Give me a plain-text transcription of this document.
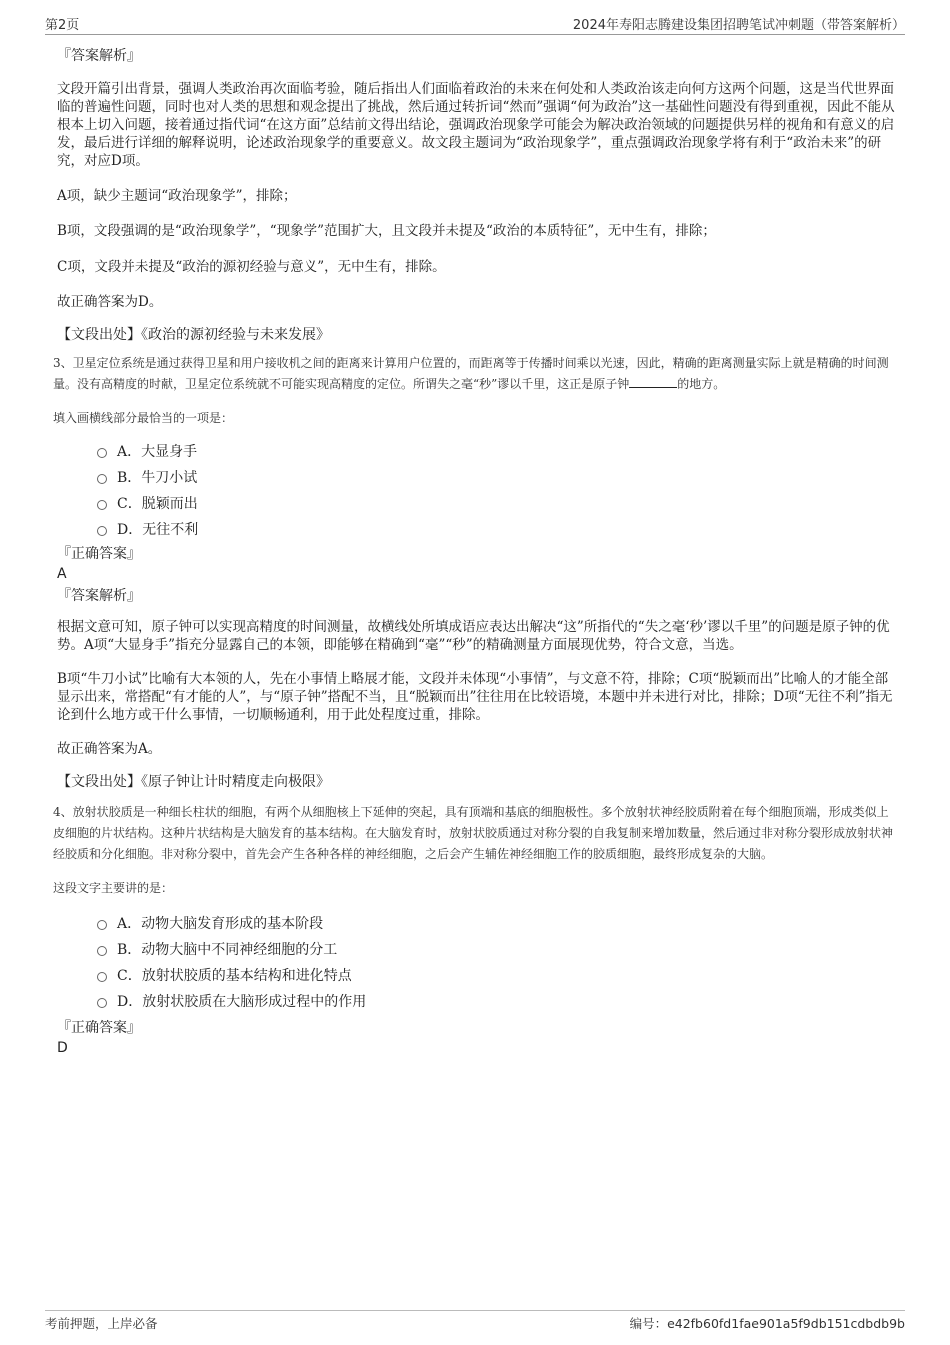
第2页	2024年寿阳志腾建设集团招聘笔试冲刺题（带答案解析）

『答案解析』

文段开篇引出背景，强调人类政治再次面临考验，随后指出人们面临着政治的未来在何处和人类政治该走向何方这两个问题，这是当代世界面临的普遍性问题，同时也对人类的思想和观念提出了挑战，然后通过转折词“然而”强调“何为政治”这一基础性问题没有得到重视，因此不能从根本上切入问题，接着通过指代词“在这方面”总结前文得出结论，强调政治现象学可能会为解决政治领域的问题提供另样的视角和有意义的启发，最后进行详细的解释说明，论述政治现象学的重要意义。故文段主题词为“政治现象学”，重点强调政治现象学将有利于“政治未来”的研究，对应D项。

A项，缺少主题词“政治现象学”，排除；

B项，文段强调的是“政治现象学”，“现象学”范围扩大，且文段并未提及“政治的本质特征”，无中生有，排除；

C项，文段并未提及“政治的源初经验与意义”，无中生有，排除。

故正确答案为D。

【文段出处】《政治的源初经验与未来发展》

3、卫星定位系统是通过获得卫星和用户接收机之间的距离来计算用户位置的，而距离等于传播时间乘以光速，因此，精确的距离测量实际上就是精确的时间测量。没有高精度的时献，卫星定位系统就不可能实现高精度的定位。所谓失之毫“秒”谬以千里，这正是原子钟	的地方。

填入画横线部分最恰当的一项是：

A．大显身手
B．牛刀小试
C．脱颖而出
D．无往不利

『正确答案』

A

『答案解析』

根据文意可知，原子钟可以实现高精度的时间测量，故横线处所填成语应表达出解决“这”所指代的“失之毫‘秒’谬以千里”的问题是原子钟的优势。A项“大显身手”指充分显露自己的本领，即能够在精确到“毫”“秒”的精确测量方面展现优势，符合文意，当选。

B项“牛刀小试”比喻有大本领的人，先在小事情上略展才能，文段并未体现“小事情”，与文意不符，排除；C项“脱颖而出”比喻人的才能全部显示出来，常搭配“有才能的人”，与“原子钟”搭配不当，且“脱颖而出”往往用在比较语境，本题中并未进行对比，排除；D项“无往不利”指无论到什么地方或干什么事情，一切顺畅通利，用于此处程度过重，排除。

故正确答案为A。

【文段出处】《原子钟让计时精度走向极限》

4、放射状胶质是一种细长柱状的细胞，有两个从细胞核上下延伸的突起，具有顶端和基底的细胞极性。多个放射状神经胶质附着在每个细胞顶端，形成类似上皮细胞的片状结构。这种片状结构是大脑发育的基本结构。在大脑发育时，放射状胶质通过对称分裂的自我复制来增加数量，然后通过非对称分裂形成放射状神经胶质和分化细胞。非对称分裂中，首先会产生各种各样的神经细胞，之后会产生辅佐神经细胞工作的胶质细胞，最终形成复杂的大脑。

这段文字主要讲的是：

A．动物大脑发育形成的基本阶段
B．动物大脑中不同神经细胞的分工
C．放射状胶质的基本结构和进化特点
D．放射状胶质在大脑形成过程中的作用

『正确答案』

D

考前押题，上岸必备	编号：e42fb60fd1fae901a5f9db151cdbdb9b
